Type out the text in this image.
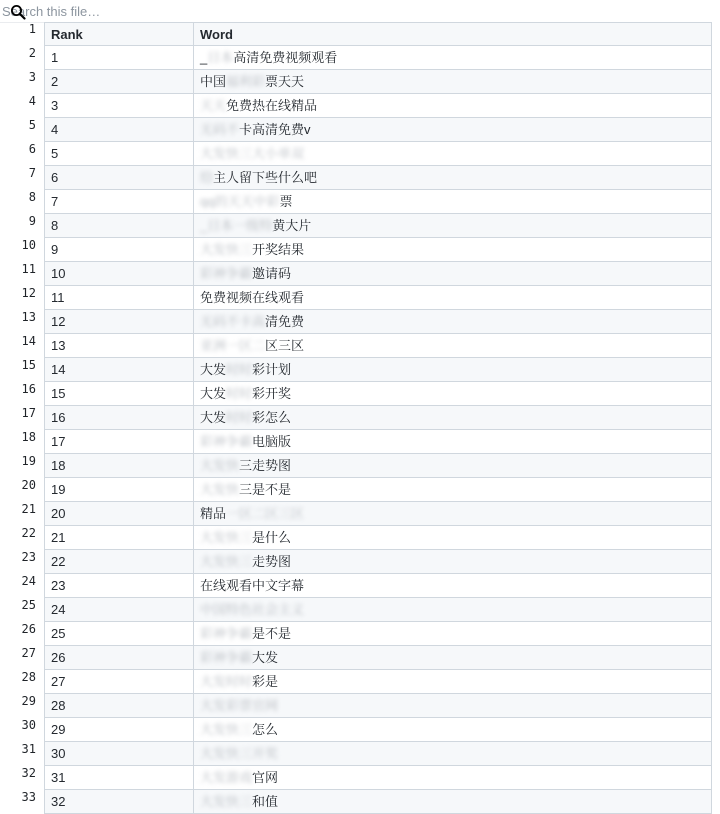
Search this file…
1	Rank	Word
2	1	_日本高清免费视频观看
3	2	中国福利彩票天天
4	3	天天免费热在线精品
5	4	无码不卡高清免费v
6	5	大发快三大小单双
7	6	给主人留下些什么吧
8	7	qq的天天中彩票
9	8	_日本一级特黄大片
10	9	大发快三开奖结果
11	10	彩神争霸邀请码
12	11	免费视频在线观看
13	12	无码不卡高清免费
14	13	亚洲一区二区三区
15	14	大发时时彩计划
16	15	大发时时彩开奖
17	16	大发时时彩怎么
18	17	彩神争霸电脑版
19	18	大发快三走势图
20	19	大发快三是不是
21	20	精品一区二区三区
22	21	大发快三是什么
23	22	大发快三走势图
24	23	在线观看中文字幕
25	24	中国特色社会主义
26	25	彩神争霸是不是
27	26	彩神争霸大发
28	27	大发时时彩是
29	28	大发彩票官网
30	29	大发快三怎么
31	30	大发快三开奖
32	31	大发游戏官网
33	32	大发快三和值
